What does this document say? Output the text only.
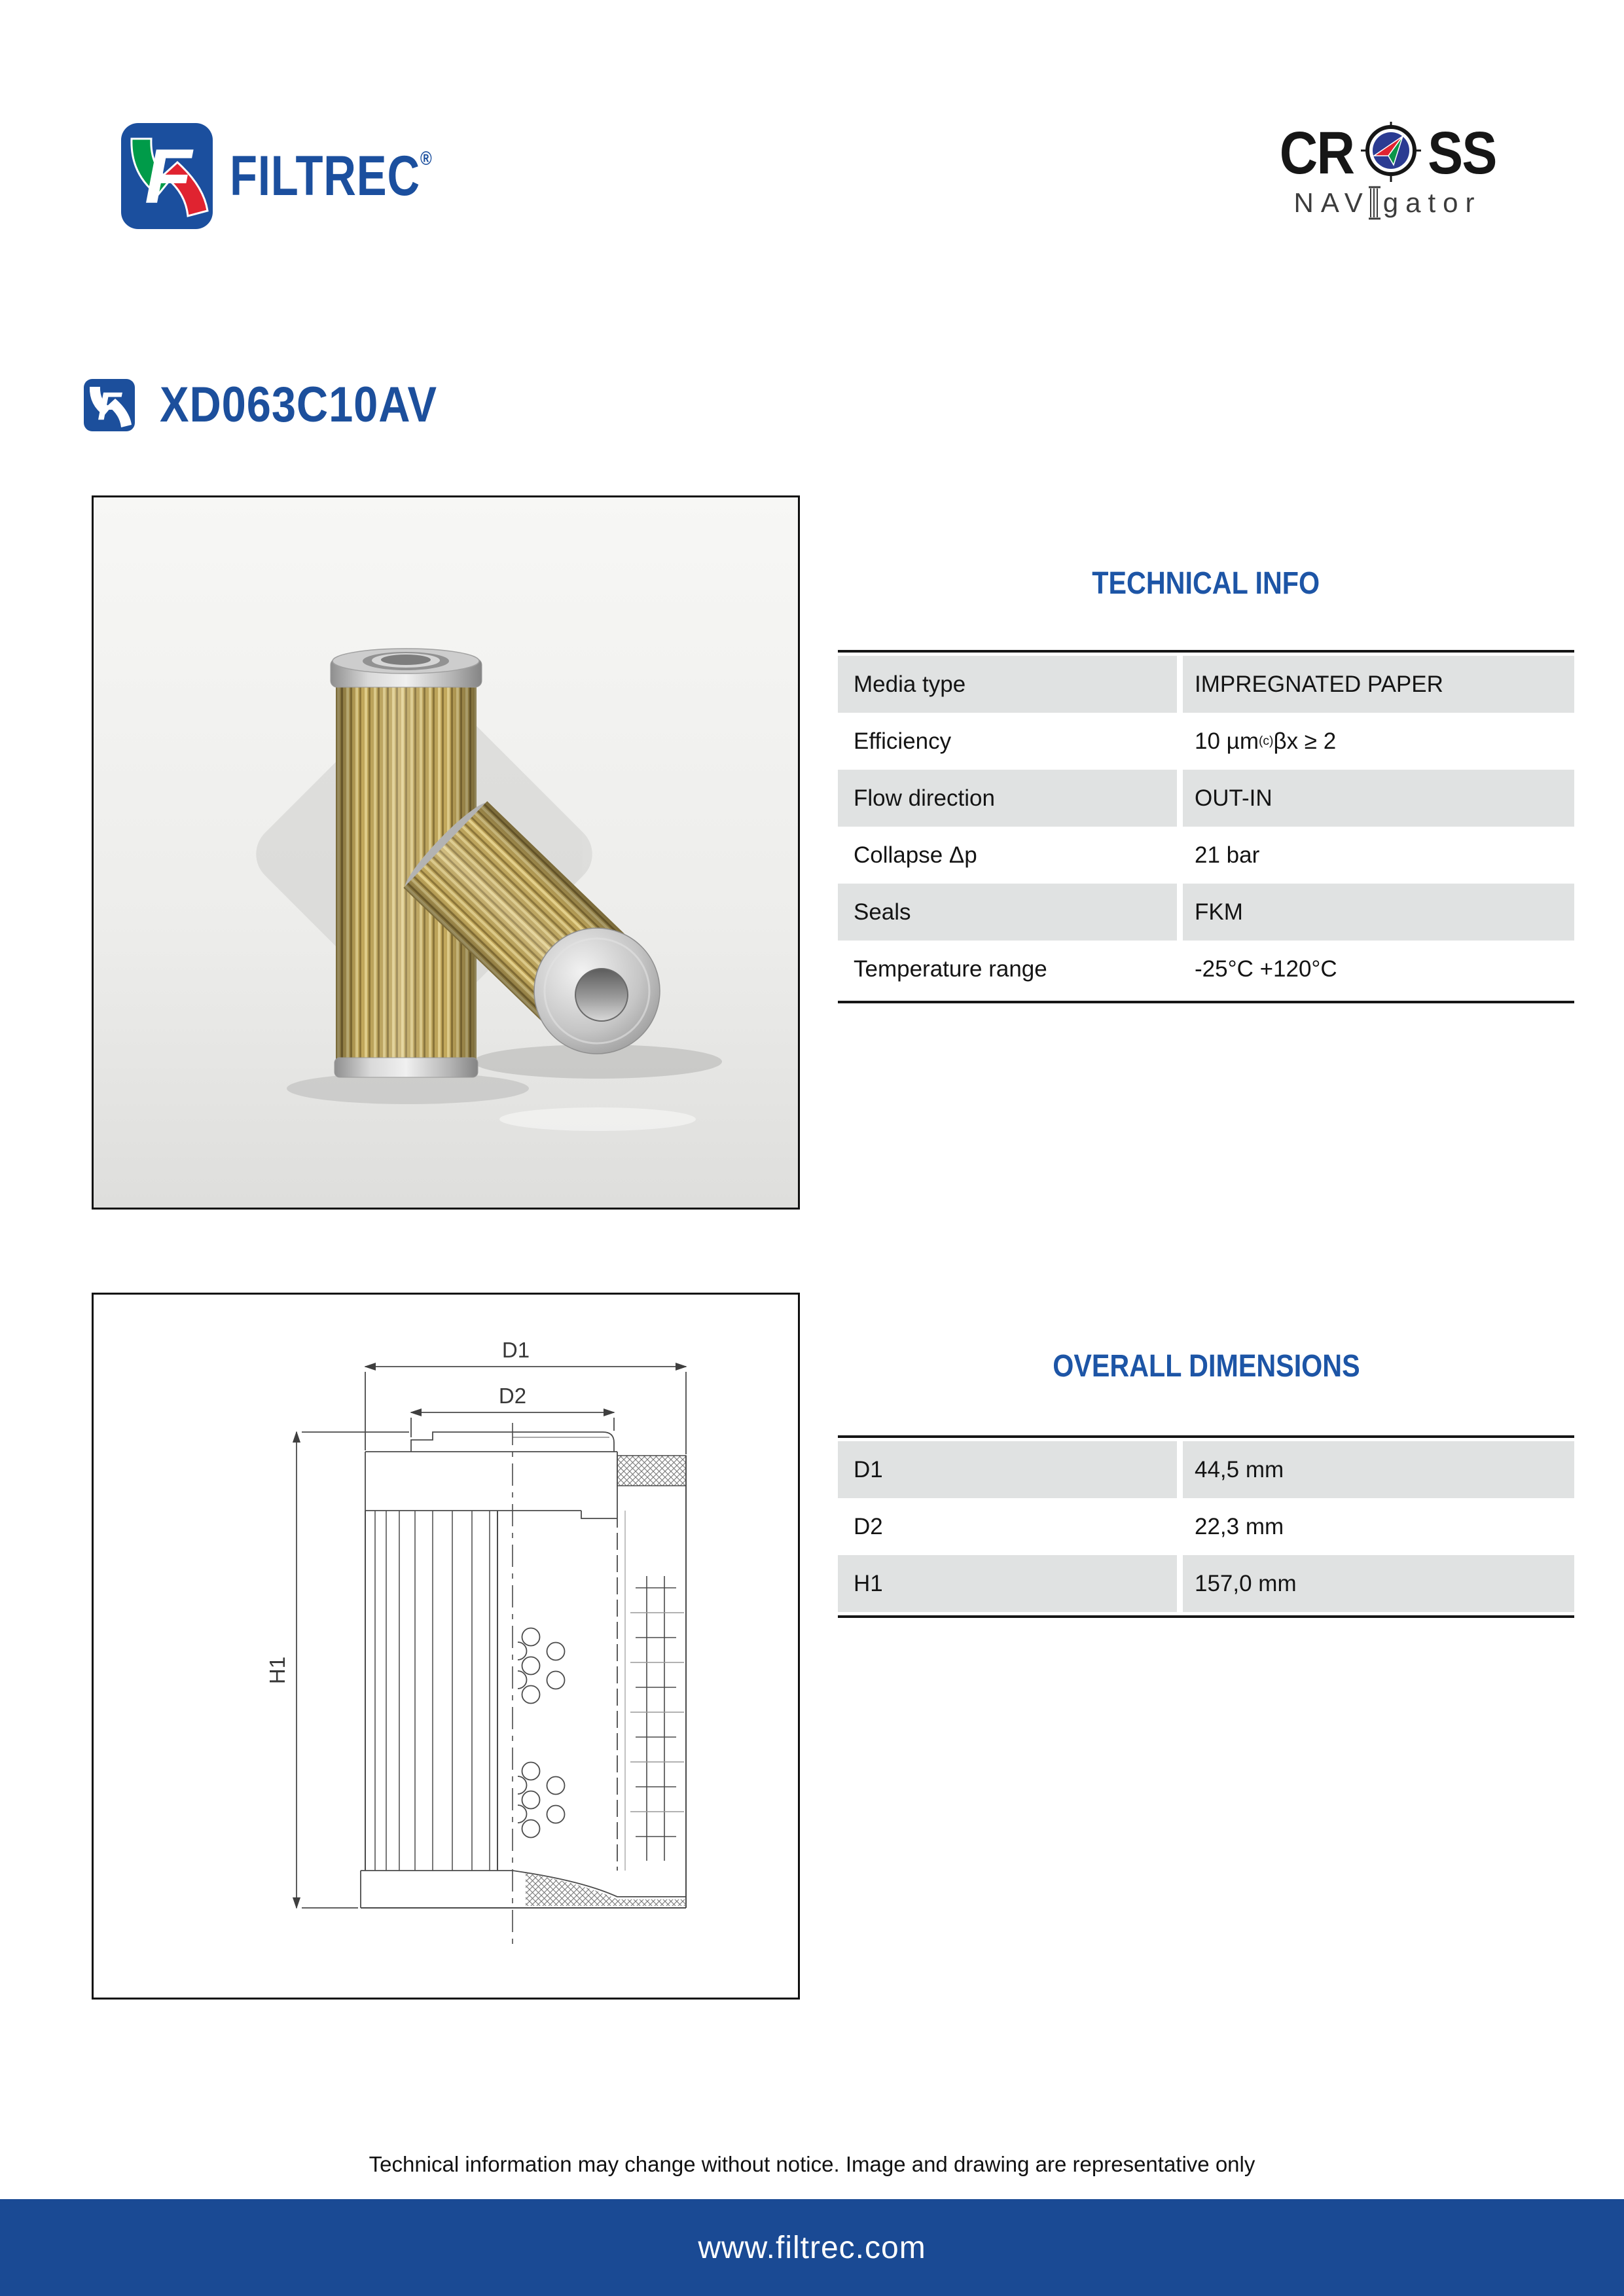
F FILTREC®	CR SS
NAV gator
F XD063C10AV
TECHNICAL INFO
Media type	IMPREGNATED PAPER
Efficiency	10 µm (c) βx ≥ 2
Flow direction	OUT-IN
Collapse Δp	21 bar
Seals	FKM
Temperature range	-25°C +120°C
D1
D2
H1
OVERALL DIMENSIONS
D1	44,5 mm
D2	22,3 mm
H1	157,0 mm
Technical information may change without notice. Image and drawing are representative only
www.filtrec.com
